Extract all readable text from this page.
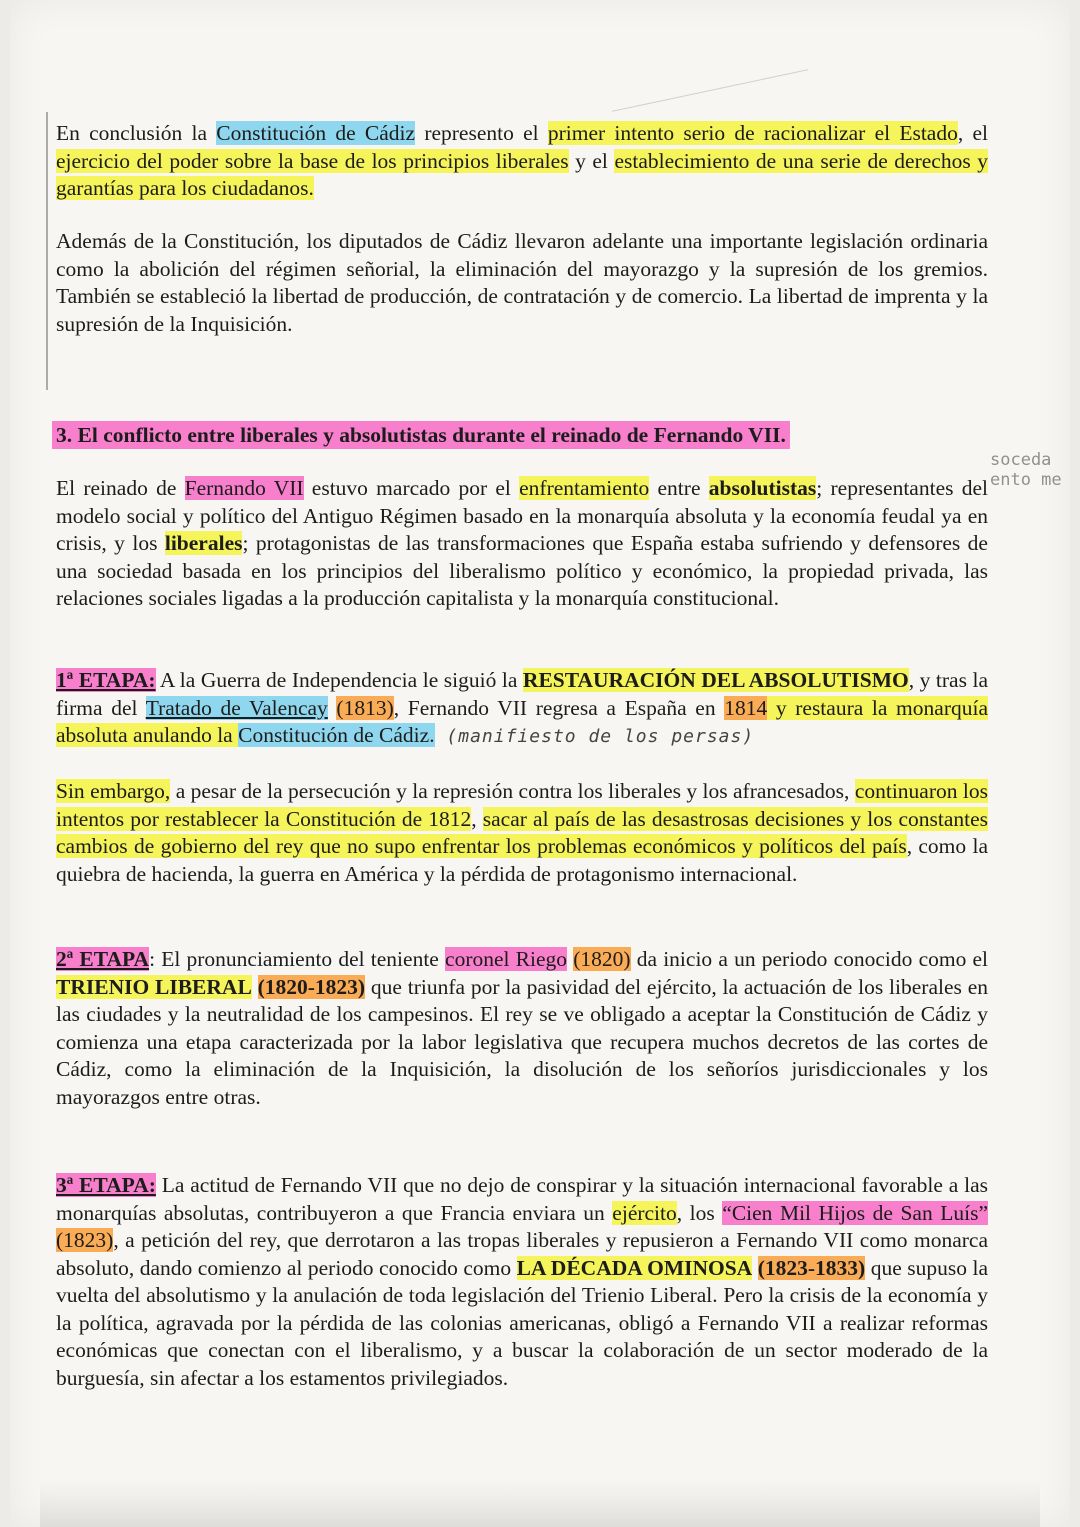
En conclusión la Constitución de Cádiz represento el primer intento serio de racionalizar el Estado, el ejercicio del poder sobre la base de los principios liberales y el establecimiento de una serie de derechos y garantías para los ciudadanos.

Además de la Constitución, los diputados de Cádiz llevaron adelante una importante legislación ordinaria como la abolición del régimen señorial, la eliminación del mayorazgo y la supresión de los gremios. También se estableció la libertad de producción, de contratación y de comercio. La libertad de imprenta y la supresión de la Inquisición.

3. El conflicto entre liberales y absolutistas durante el reinado de Fernando VII.
soceda ento me

El reinado de Fernando VII estuvo marcado por el enfrentamiento entre absolutistas; representantes del modelo social y político del Antiguo Régimen basado en la monarquía absoluta y la economía feudal ya en crisis, y los liberales; protagonistas de las transformaciones que España estaba sufriendo y defensores de una sociedad basada en los principios del liberalismo político y económico, la propiedad privada, las relaciones sociales ligadas a la producción capitalista y la monarquía constitucional.

1ª ETAPA: A la Guerra de Independencia le siguió la RESTAURACIÓN DEL ABSOLUTISMO, y tras la firma del Tratado de Valencay (1813), Fernando VII regresa a España en 1814 y restaura la monarquía absoluta anulando la Constitución de Cádiz. (manifiesto de los persas)

Sin embargo, a pesar de la persecución y la represión contra los liberales y los afrancesados, continuaron los intentos por restablecer la Constitución de 1812, sacar al país de las desastrosas decisiones y los constantes cambios de gobierno del rey que no supo enfrentar los problemas económicos y políticos del país, como la quiebra de hacienda, la guerra en América y la pérdida de protagonismo internacional.

2ª ETAPA: El pronunciamiento del teniente coronel Riego (1820) da inicio a un periodo conocido como el TRIENIO LIBERAL (1820-1823) que triunfa por la pasividad del ejército, la actuación de los liberales en las ciudades y la neutralidad de los campesinos. El rey se ve obligado a aceptar la Constitución de Cádiz y comienza una etapa caracterizada por la labor legislativa que recupera muchos decretos de las cortes de Cádiz, como la eliminación de la Inquisición, la disolución de los señoríos jurisdiccionales y los mayorazgos entre otras.

3ª ETAPA: La actitud de Fernando VII que no dejo de conspirar y la situación internacional favorable a las monarquías absolutas, contribuyeron a que Francia enviara un ejército, los “Cien Mil Hijos de San Luís” (1823), a petición del rey, que derrotaron a las tropas liberales y repusieron a Fernando VII como monarca absoluto, dando comienzo al periodo conocido como LA DÉCADA OMINOSA (1823-1833) que supuso la vuelta del absolutismo y la anulación de toda legislación del Trienio Liberal. Pero la crisis de la economía y la política, agravada por la pérdida de las colonias americanas, obligó a Fernando VII a realizar reformas económicas que conectan con el liberalismo, y a buscar la colaboración de un sector moderado de la burguesía, sin afectar a los estamentos privilegiados.
